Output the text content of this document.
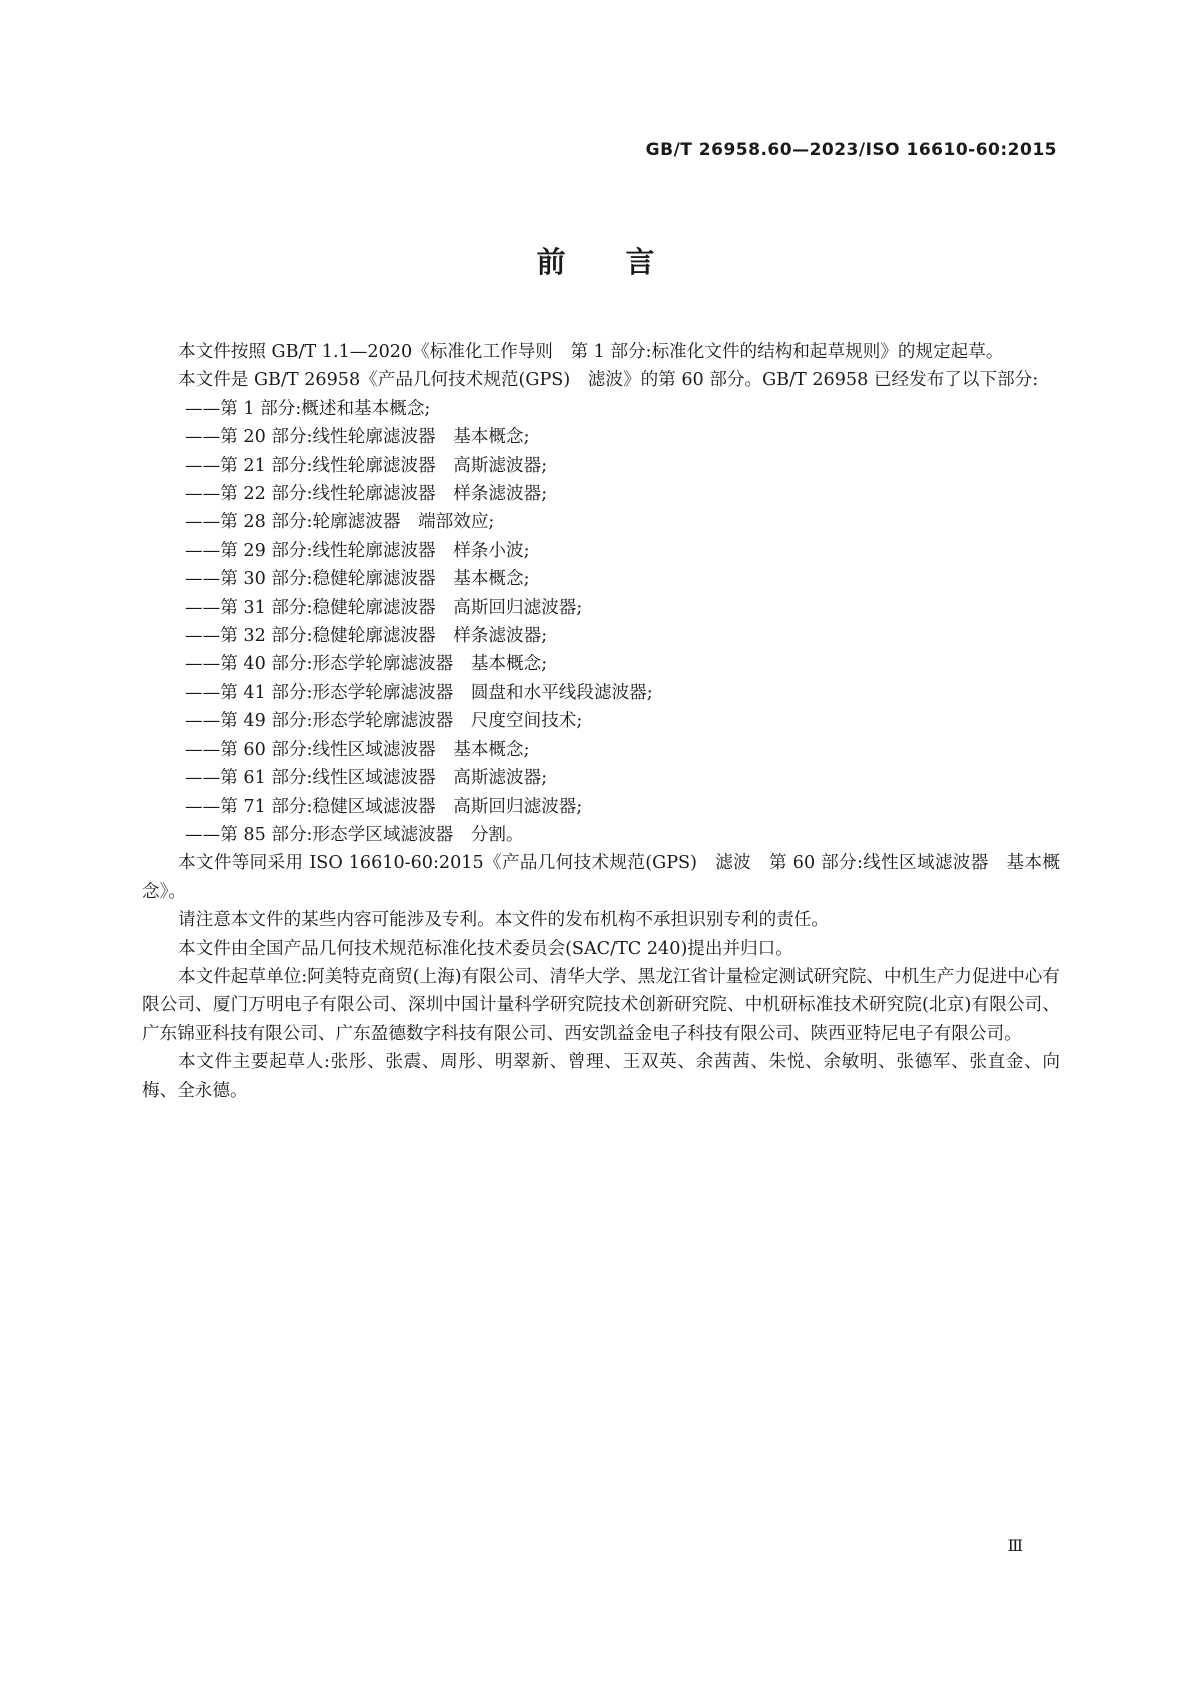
GB/T 26958.60—2023/ISO 16610-60:2015
前言

本文件按照 GB/T 1.1—2020《标准化工作导则　第 1 部分:标准化文件的结构和起草规则》的规定起草。

本文件是 GB/T 26958《产品几何技术规范(GPS)　滤波》的第 60 部分。GB/T 26958 已经发布了以下部分:

——第 1 部分:概述和基本概念;

——第 20 部分:线性轮廓滤波器　基本概念;

——第 21 部分:线性轮廓滤波器　高斯滤波器;

——第 22 部分:线性轮廓滤波器　样条滤波器;

——第 28 部分:轮廓滤波器　端部效应;

——第 29 部分:线性轮廓滤波器　样条小波;

——第 30 部分:稳健轮廓滤波器　基本概念;

——第 31 部分:稳健轮廓滤波器　高斯回归滤波器;

——第 32 部分:稳健轮廓滤波器　样条滤波器;

——第 40 部分:形态学轮廓滤波器　基本概念;

——第 41 部分:形态学轮廓滤波器　圆盘和水平线段滤波器;

——第 49 部分:形态学轮廓滤波器　尺度空间技术;

——第 60 部分:线性区域滤波器　基本概念;

——第 61 部分:线性区域滤波器　高斯滤波器;

——第 71 部分:稳健区域滤波器　高斯回归滤波器;

——第 85 部分:形态学区域滤波器　分割。

本文件等同采用 ISO 16610-60:2015《产品几何技术规范(GPS)　滤波　第 60 部分:线性区域滤波器　基本概念》。

请注意本文件的某些内容可能涉及专利。本文件的发布机构不承担识别专利的责任。

本文件由全国产品几何技术规范标准化技术委员会(SAC/TC 240)提出并归口。

本文件起草单位:阿美特克商贸(上海)有限公司、清华大学、黑龙江省计量检定测试研究院、中机生产力促进中心有限公司、厦门万明电子有限公司、深圳中国计量科学研究院技术创新研究院、中机研标准技术研究院(北京)有限公司、广东锦亚科技有限公司、广东盈德数字科技有限公司、西安凯益金电子科技有限公司、陕西亚特尼电子有限公司。

本文件主要起草人:张彤、张震、周彤、明翠新、曾理、王双英、余茜茜、朱悦、余敏明、张德军、张直金、向梅、全永德。

Ⅲ
